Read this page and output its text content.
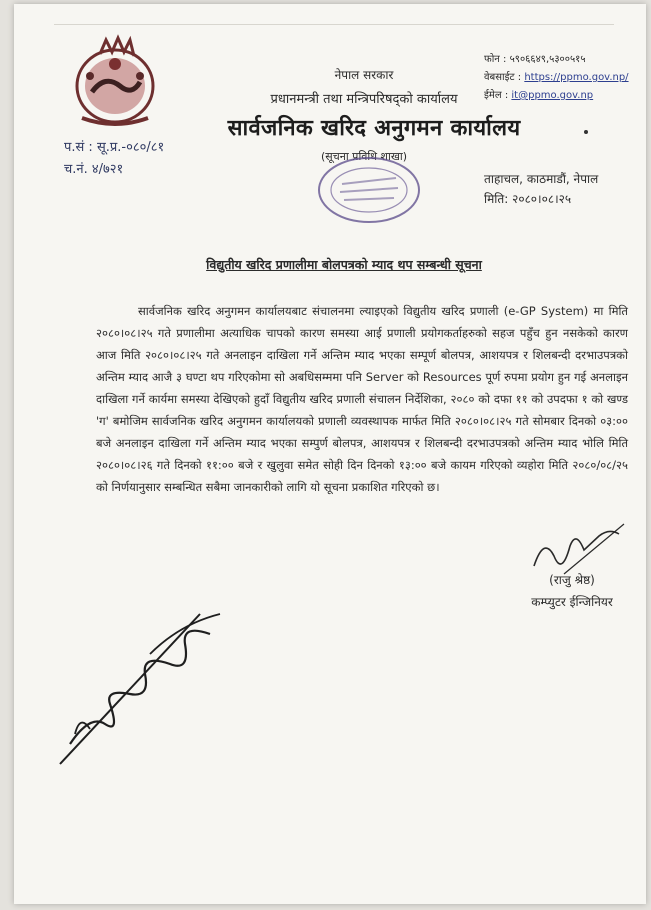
नेपाल सरकार
प्रधानमन्त्री तथा मन्त्रिपरिषद्को कार्यालय
सार्वजनिक खरिद अनुगमन कार्यालय
(सूचना प्रविधि शाखा)
फोन : ५९०६६४९,५३००५१५
वेबसाईट : https://ppmo.gov.np/
ईमेल : it@ppmo.gov.np
प.सं : सू.प्र.-०८०/८१
च.नं. ४/७२१
ताहाचल, काठमाडौं, नेपाल
मिति: २०८०।०८।२५
विद्युतीय खरिद प्रणालीमा बोलपत्रको म्याद थप सम्बन्धी सूचना

सार्वजनिक खरिद अनुगमन कार्यालयबाट संचालनमा ल्याइएको विद्युतीय खरिद प्रणाली (e-GP System) मा मिति २०८०।०८।२५ गते प्रणालीमा अत्याधिक चापको कारण समस्या आई प्रणाली प्रयोगकर्ताहरुको सहज पहुँच हुन नसकेको कारण आज मिति २०८०।०८।२५ गते अनलाइन दाखिला गर्ने अन्तिम म्याद भएका सम्पूर्ण बोलपत्र, आशयपत्र र शिलबन्दी दरभाउपत्रको अन्तिम म्याद आजै ३ घण्टा थप गरिएकोमा सो अबधिसम्ममा पनि Server को Resources पूर्ण रुपमा प्रयोग हुन गई अनलाइन दाखिला गर्ने कार्यमा समस्या देखिएको हुदाँ विद्युतीय खरिद प्रणाली संचालन निर्देशिका, २०८० को दफा ११ को उपदफा १ को खण्ड 'ग' बमोजिम सार्वजनिक खरिद अनुगमन कार्यालयको प्रणाली व्यवस्थापक मार्फत मिति २०८०।०८।२५ गते सोमबार दिनको ०३:०० बजे अनलाइन दाखिला गर्ने अन्तिम म्याद भएका सम्पुर्ण बोलपत्र, आशयपत्र र शिलबन्दी दरभाउपत्रको अन्तिम म्याद भोलि मिति २०८०।०८।२६ गते दिनको ११:०० बजे र खुलुवा समेत सोही दिन दिनको १३:०० बजे कायम गरिएको व्यहोरा मिति २०८०/०८/२५ को निर्णयानुसार सम्बन्धित सबैमा जानकारीको लागि यो सूचना प्रकाशित गरिएको छ।

(राजु श्रेष्ठ)
कम्प्युटर ईन्जिनियर
